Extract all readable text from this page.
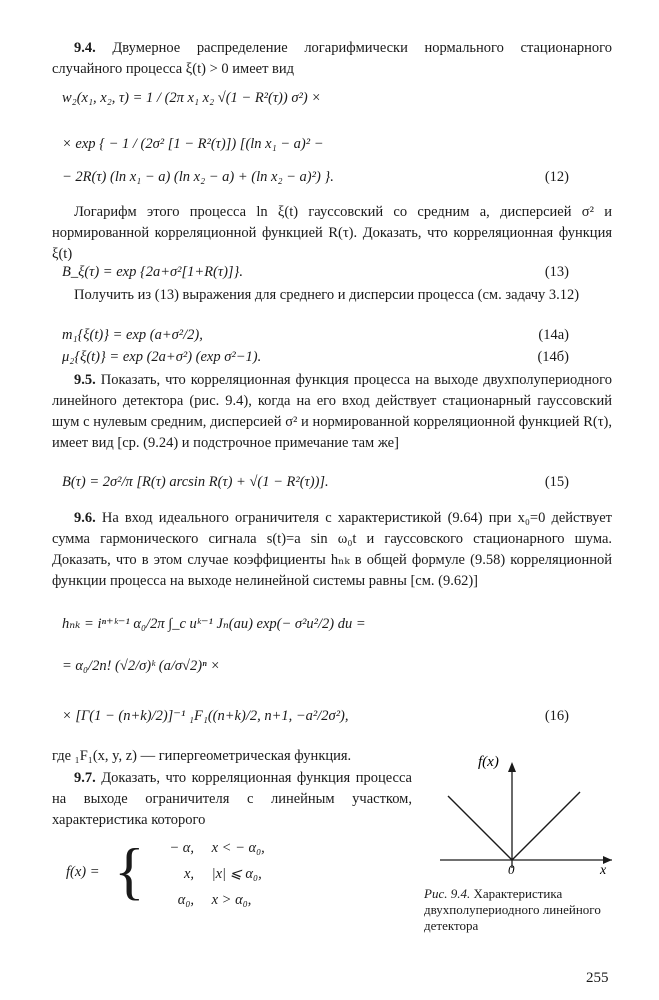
9.4. Двумерное распределение логарифмически нормального стационарного случайного процесса ξ(t) > 0 имеет вид
w₂(x₁, x₂, τ) = 1 / (2π x₁ x₂ √(1 − R²(τ)) σ²) ×
× exp { − 1 / (2σ² [1 − R²(τ)]) [(ln x₁ − a)² −
− 2R(τ) (ln x₁ − a) (ln x₂ − a) + (ln x₂ − a)²) }.	(12)
Логарифм этого процесса ln ξ(t) гауссовский со средним a, дисперсией σ² и нормированной корреляционной функцией R(τ). Доказать, что корреляционная функция ξ(t)
B_ξ(τ) = exp {2a+σ²[1+R(τ)]}.	(13)
Получить из (13) выражения для среднего и дисперсии процесса (см. задачу 3.12)
m₁{ξ(t)} = exp (a+σ²/2),	(14а)
μ₂{ξ(t)} = exp (2a+σ²) (exp σ²−1).	(14б)
9.5. Показать, что корреляционная функция процесса на выходе двухполупериодного линейного детектора (рис. 9.4), когда на его вход действует стационарный гауссовский шум с нулевым средним, дисперсией σ² и нормированной корреляционной функцией R(τ), имеет вид [ср. (9.24) и подстрочное примечание там же]
B(τ) = 2σ²/π [R(τ) arcsin R(τ) + √(1 − R²(τ))].	(15)
9.6. На вход идеального ограничителя с характеристикой (9.64) при x₀=0 действует сумма гармонического сигнала s(t)=a sin ω₀t и гауссовского стационарного шума. Доказать, что в этом случае коэффициенты hₙₖ в общей формуле (9.58) корреляционной функции процесса на выходе нелинейной системы равны [см. (9.62)]
hₙₖ = iⁿ⁺ᵏ⁻¹ α₀/2π ∫_c uᵏ⁻¹ Jₙ(au) exp(− σ²u²/2) du =
= α₀/2n! (√2/σ)ᵏ (a/σ√2)ⁿ ×
× [Γ(1 − (n+k)/2)]⁻¹ ₁F₁((n+k)/2, n+1, −a²/2σ²),	(16)
где ₁F₁(x, y, z) — гипергеометрическая функция.
9.7. Доказать, что корреляционная функция процесса на выходе ограничителя с линейным участком, характеристика которого
f(x) = {	− α, x < − α₀,
x, |x| ⩽ α₀,
α₀, x > α₀,
f(x)
0	x
Рис. 9.4. Характеристика двухполупериодного линейного детектора
255
